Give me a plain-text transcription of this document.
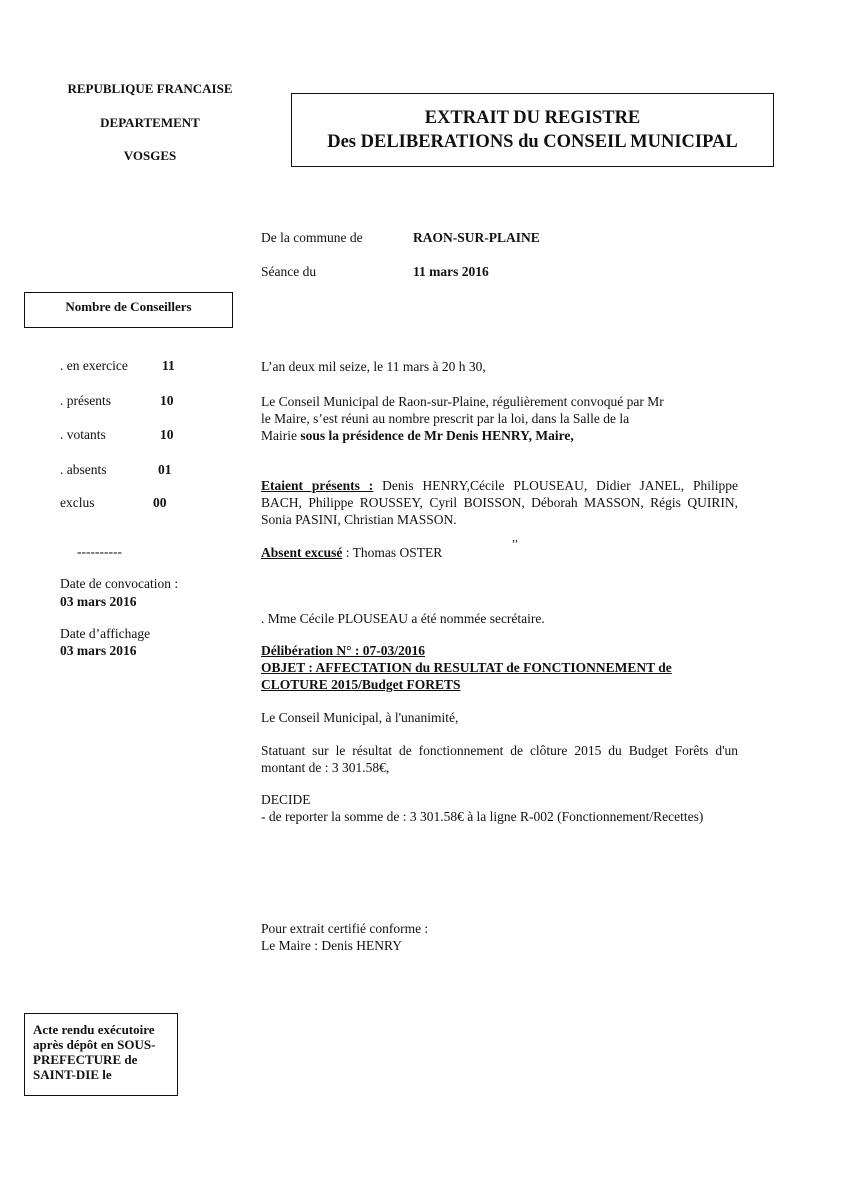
REPUBLIQUE FRANCAISE
DEPARTEMENT
VOSGES
EXTRAIT DU REGISTRE
Des DELIBERATIONS du CONSEIL MUNICIPAL
De la commune de	RAON-SUR-PLAINE
Séance du	11 mars 2016
Nombre de Conseillers
. en exercice	11
. présents	10
. votants	10
. absents	01
exclus	00
----------
Date de convocation :
03 mars 2016
Date d’affichage
03 mars 2016
L’an deux mil seize, le 11 mars à 20 h 30,
Le Conseil Municipal de Raon-sur-Plaine, régulièrement convoqué par Mr
le Maire, s’est réuni au nombre prescrit par la loi, dans la Salle de la
Mairie sous la présidence de Mr Denis HENRY, Maire,
Etaient présents : Denis HENRY,Cécile PLOUSEAU, Didier JANEL, Philippe BACH, Philippe ROUSSEY, Cyril BOISSON, Déborah MASSON, Régis QUIRIN, Sonia PASINI, Christian MASSON.
,,
Absent excusé : Thomas OSTER
. Mme Cécile PLOUSEAU a été nommée secrétaire.
Délibération N° : 07-03/2016
OBJET : AFFECTATION du RESULTAT de FONCTIONNEMENT de
CLOTURE 2015/Budget FORETS
Le Conseil Municipal, à l'unanimité,
Statuant sur le résultat de fonctionnement de clôture 2015 du Budget Forêts d'un montant de : 3 301.58€,
DECIDE
- de reporter la somme de : 3 301.58€ à la ligne R-002 (Fonctionnement/Recettes)
Pour extrait certifié conforme :
Le Maire : Denis HENRY
Acte rendu exécutoire
après dépôt en SOUS-
PREFECTURE de
SAINT-DIE le
